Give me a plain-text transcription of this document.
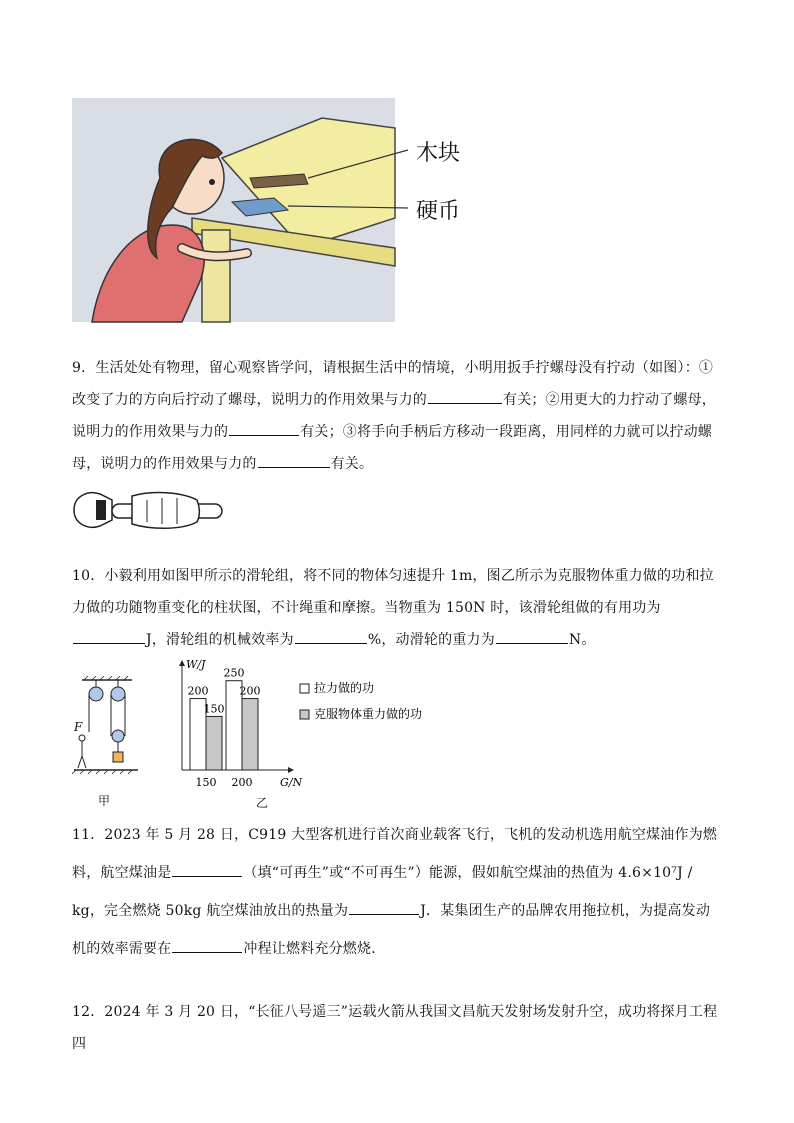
木块
硬币
9．生活处处有物理，留心观察皆学问，请根据生活中的情境，小明用扳手拧螺母没有拧动（如图）：①改变了力的方向后拧动了螺母，说明力的作用效果与力的	有关；②用更大的力拧动了螺母，说明力的作用效果与力的	有关；③将手向手柄后方移动一段距离，用同样的力就可以拧动螺母，说明力的作用效果与力的	有关。
10．小毅利用如图甲所示的滑轮组，将不同的物体匀速提升 1m，图乙所示为克服物体重力做的功和拉力做的功随物重变化的柱状图，不计绳重和摩擦。当物重为 150N 时，该滑轮组做的有用功为J，滑轮组的机械效率为	%，动滑轮的重力为	N。
F
甲
W/J
G/N
200
150
150
250
200
200
拉力做的功
克服物体重力做的功
乙
11．2023 年 5 月 28 日，C919 大型客机进行首次商业载客飞行，飞机的发动机选用航空煤油作为燃料，航空煤油是	（填“可再生”或“不可再生”）能源，假如航空煤油的热值为 4.6×10⁷J / kg，完全燃烧 50kg 航空煤油放出的热量为	J．某集团生产的品牌农用拖拉机，为提高发动机的效率需要在	冲程让燃料充分燃烧．
12．2024 年 3 月 20 日，“长征八号遥三”运载火箭从我国文昌航天发射场发射升空，成功将探月工程四
